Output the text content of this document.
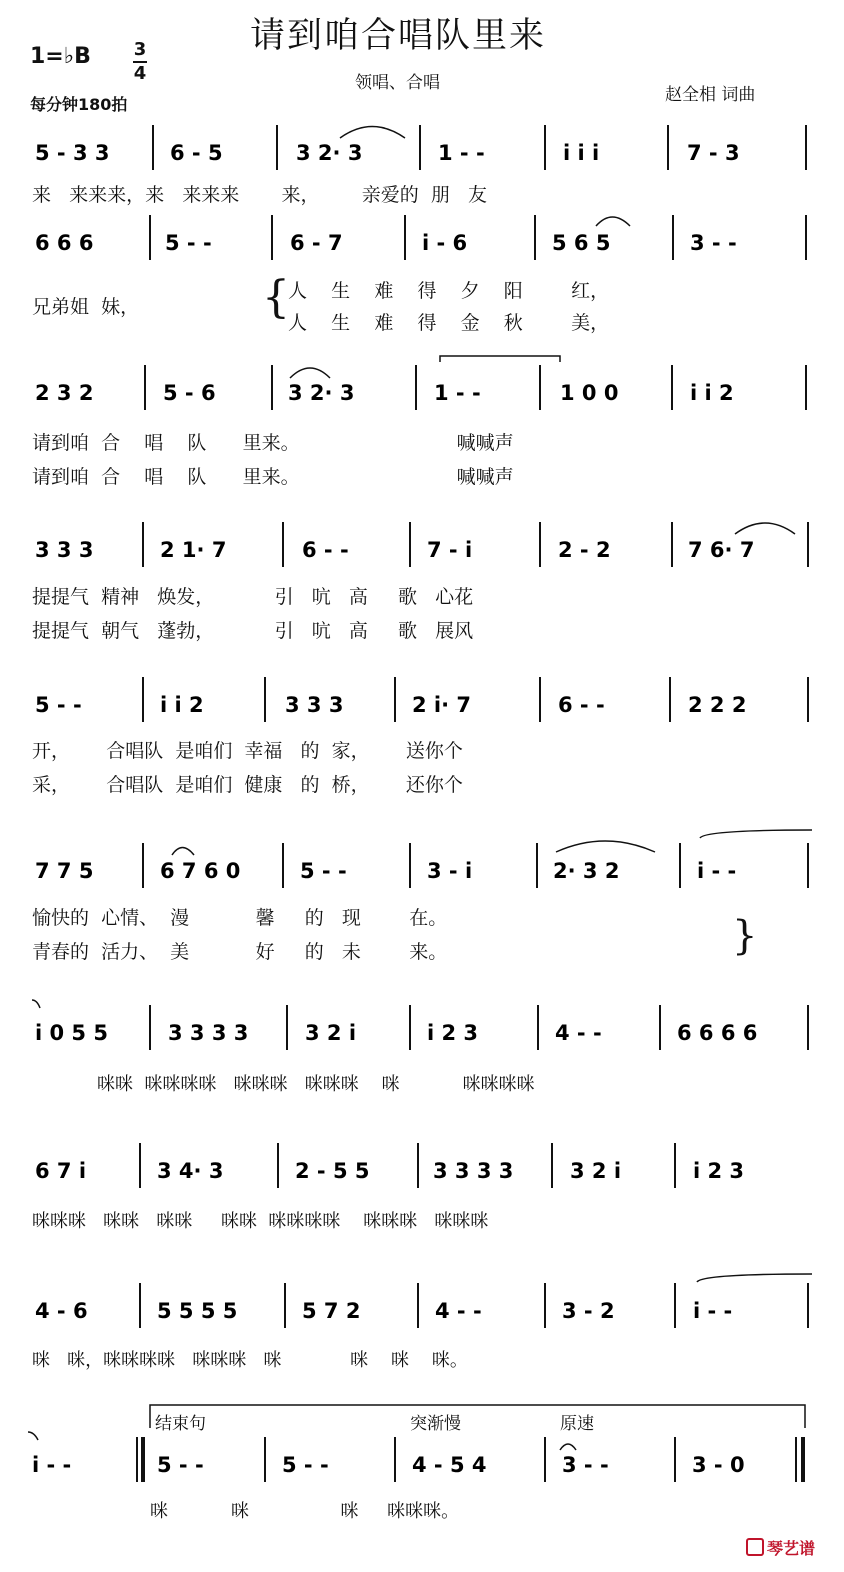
请到咱合唱队里来
1=♭B 3
4
每分钟180拍
领唱、合唱
赵全相 词曲
5 - 3 3	6 - 5	3 2· 3	1 - -	i i i	7 - 3
6 6 6	5 - -	6 - 7	i - 6	5 6 5	3 - -
2 3 2	5 - 6	3 2· 3	1 - -	1 0 0	i i 2
3 3 3	2 1· 7	6 - -	7 - i	2 - 2	7 6· 7
5 - -	i i 2	3 3 3	2 i· 7	6 - -	2 2 2
7 7 5	6 7 6 0	5 - -	3 - i	2· 3 2	i - -
i 0 5 5	3 3 3 3	3 2 i	i 2 3	4 - -	6 6 6 6
6 7 i	3 4· 3	2 - 5 5	3 3 3 3	3 2 i	i 2 3
4 - 6	5 5 5 5	5 7 2	4 - -	3 - 2	i - -
i - -	5 - -	5 - -	4 - 5 4	3 - -	3 - 0
来   来来来，来   来来来       来，       亲爱的  朋   友
兄弟姐  妹，	{
人    生    难    得    夕    阳        红，
人    生    难    得    金    秋        美，
请到咱  合    唱    队      里来。                          喊喊声
请到咱  合    唱    队      里来。                          喊喊声
提提气  精神   焕发，          引   吭   高     歌   心花
提提气  朝气   蓬勃，          引   吭   高     歌   展风
开，      合唱队  是咱们  幸福   的  家，      送你个
采，      合唱队  是咱们  健康   的  桥，      还你个
愉快的  心情、  漫           馨     的   现        在。
青春的  活力、  美           好     的   未        来。	}
咪咪  咪咪咪咪   咪咪咪   咪咪咪    咪           咪咪咪咪
咪咪咪   咪咪   咪咪     咪咪  咪咪咪咪    咪咪咪   咪咪咪
咪   咪，咪咪咪咪   咪咪咪   咪            咪    咪    咪。
结束句	突渐慢	原速
咪           咪                咪     咪咪咪。
琴艺谱
